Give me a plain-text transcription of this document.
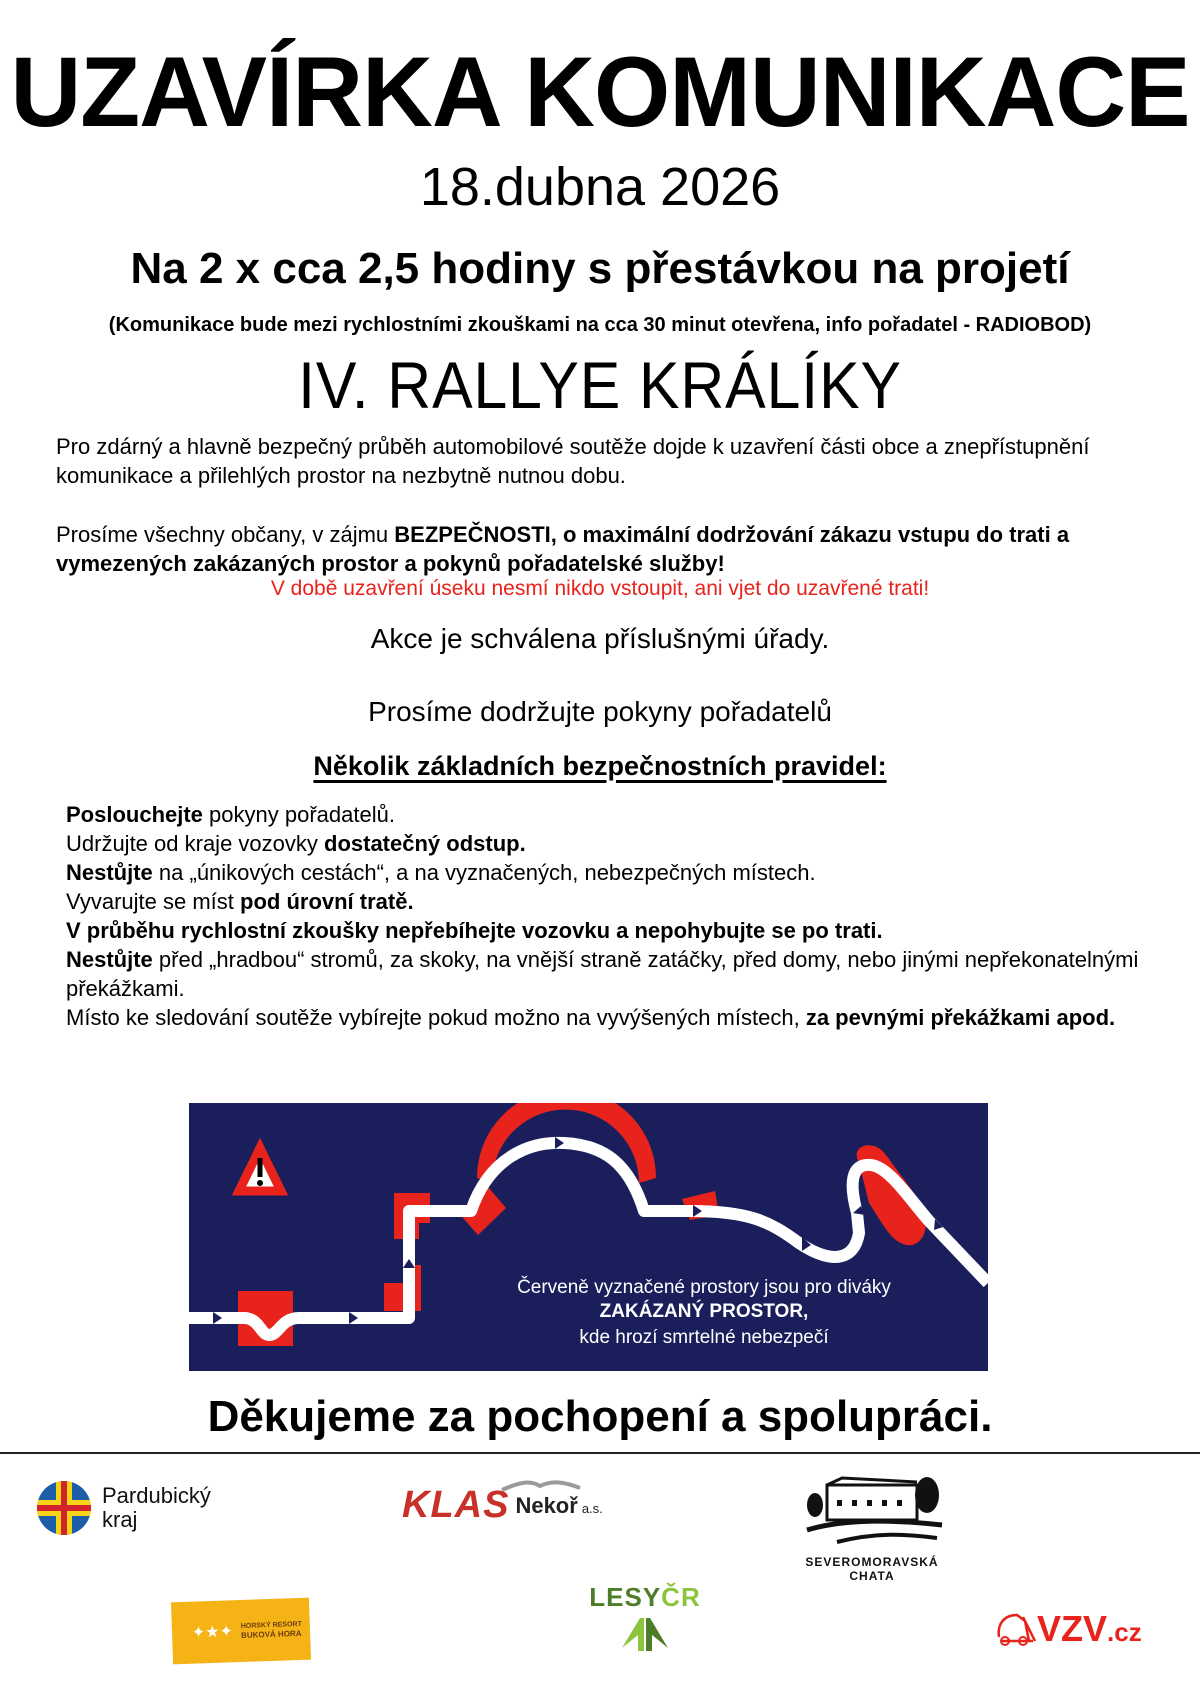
UZAVÍRKA KOMUNIKACE
18.dubna 2026
Na 2 x cca 2,5 hodiny s přestávkou na projetí
(Komunikace bude mezi rychlostními zkouškami na cca 30 minut otevřena, info pořadatel - RADIOBOD)
IV. RALLYE KRÁLÍKY
Pro zdárný a hlavně bezpečný průběh automobilové soutěže dojde k uzavření části obce a znepřístupnění komunikace a přilehlých prostor na nezbytně nutnou dobu.
Prosíme všechny občany, v zájmu BEZPEČNOSTI, o maximální dodržování zákazu vstupu do trati a vymezených zakázaných prostor a pokynů pořadatelské služby!
V době uzavření úseku nesmí nikdo vstoupit, ani vjet do uzavřené trati!
Akce je schválena příslušnými úřady.
Prosíme dodržujte pokyny pořadatelů
Několik základních bezpečnostních pravidel:
Poslouchejte pokyny pořadatelů.
Udržujte od kraje vozovky dostatečný odstup.
Nestůjte na „únikových cestách“, a na vyznačených, nebezpečných místech.
Vyvarujte se míst pod úrovní tratě.
V průběhu rychlostní zkoušky nepřebíhejte vozovku a nepohybujte se po trati.
Nestůjte před „hradbou“ stromů, za skoky, na vnější straně zatáčky, před domy, nebo jinými nepřekonatelnými překážkami.
Místo ke sledování soutěže vybírejte pokud možno na vyvýšených místech, za pevnými překážkami apod.
Červeně vyznačené prostory jsou pro diváky
ZAKÁZANÝ PROSTOR,
kde hrozí smrtelné nebezpečí
Děkujeme za pochopení a spolupráci.
Pardubický
kraj	KLAS Nekoř a.s.
SEVEROMORAVSKÁ CHATA
✦★✦ HORSKÝ RESORT
BUKOVÁ HORA
LESYČR
VZV.cz
